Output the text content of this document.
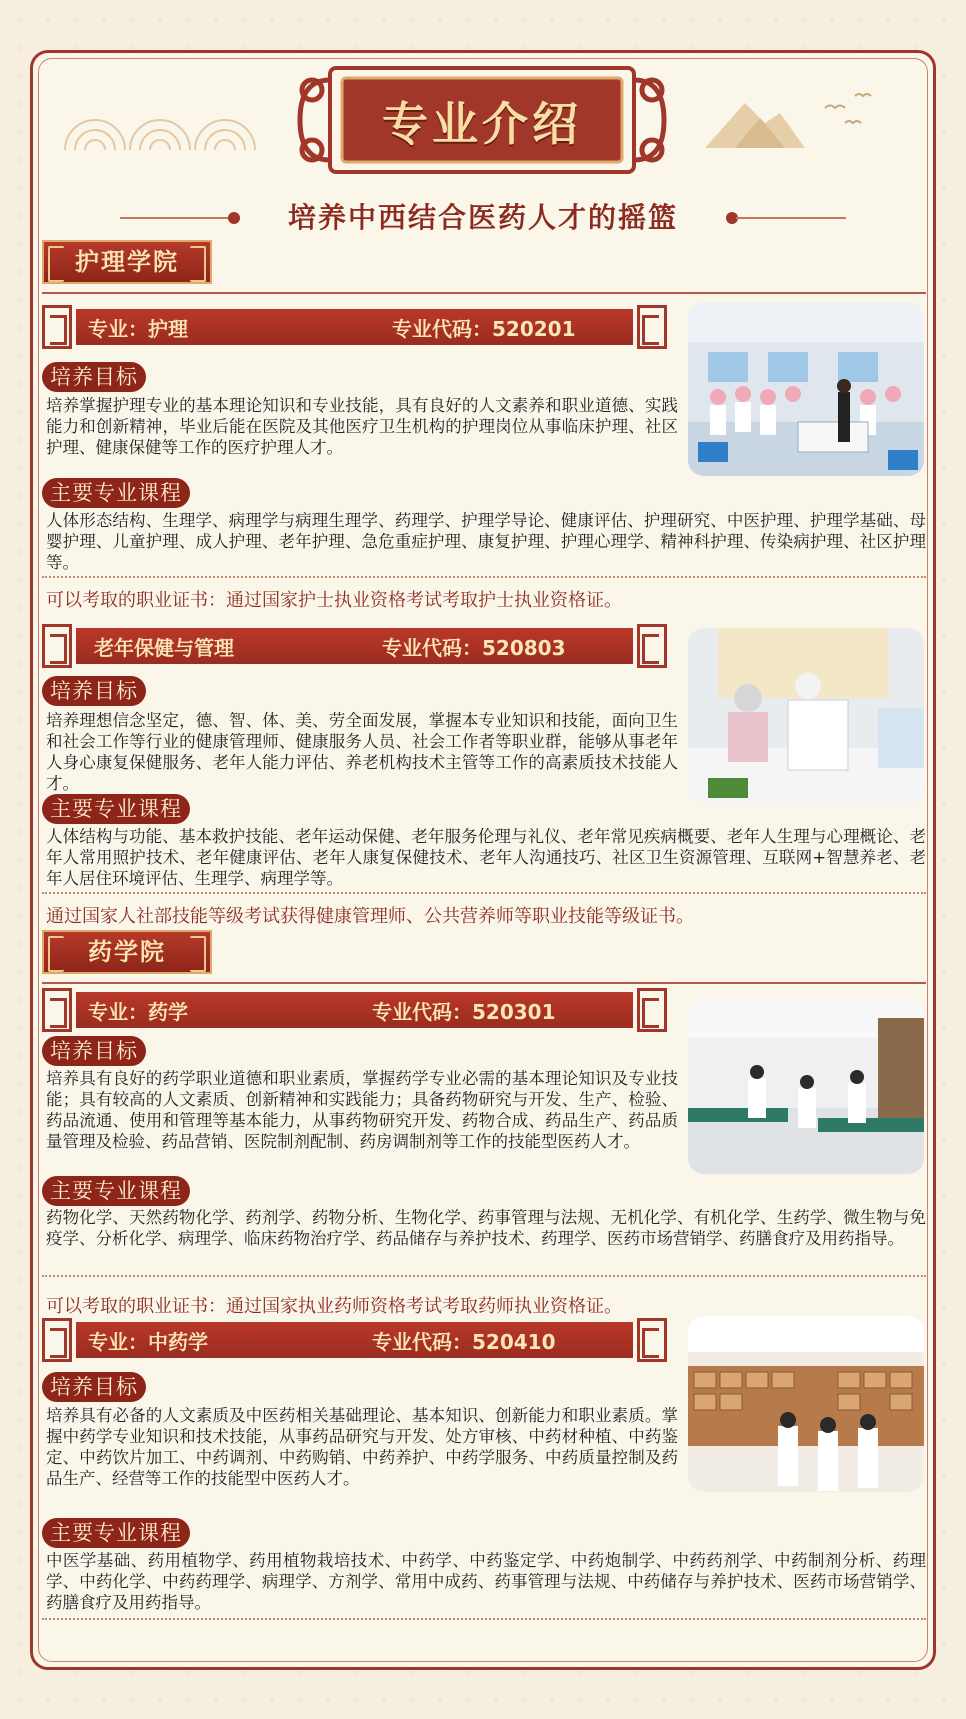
专业介绍
培养中西结合医药人才的摇篮
护理学院
专业：护理	专业代码：520201
培养目标
培养掌握护理专业的基本理论知识和专业技能，具有良好的人文素养和职业道德、实践能力和创新精神，毕业后能在医院及其他医疗卫生机构的护理岗位从事临床护理、社区护理、健康保健等工作的医疗护理人才。
主要专业课程
人体形态结构、生理学、病理学与病理生理学、药理学、护理学导论、健康评估、护理研究、中医护理、护理学基础、母婴护理、儿童护理、成人护理、老年护理、急危重症护理、康复护理、护理心理学、精神科护理、传染病护理、社区护理等。
可以考取的职业证书：通过国家护士执业资格考试考取护士执业资格证。
老年保健与管理	专业代码：520803
培养目标
培养理想信念坚定，德、智、体、美、劳全面发展，掌握本专业知识和技能，面向卫生和社会工作等行业的健康管理师、健康服务人员、社会工作者等职业群，能够从事老年人身心康复保健服务、老年人能力评估、养老机构技术主管等工作的高素质技术技能人才。
主要专业课程
人体结构与功能、基本救护技能、老年运动保健、老年服务伦理与礼仪、老年常见疾病概要、老年人生理与心理概论、老年人常用照护技术、老年健康评估、老年人康复保健技术、老年人沟通技巧、社区卫生资源管理、互联网+智慧养老、老年人居住环境评估、生理学、病理学等。
通过国家人社部技能等级考试获得健康管理师、公共营养师等职业技能等级证书。
药学院
专业：药学	专业代码：520301
培养目标
培养具有良好的药学职业道德和职业素质，掌握药学专业必需的基本理论知识及专业技能；具有较高的人文素质、创新精神和实践能力；具备药物研究与开发、生产、检验、药品流通、使用和管理等基本能力，从事药物研究开发、药物合成、药品生产、药品质量管理及检验、药品营销、医院制剂配制、药房调制剂等工作的技能型医药人才。
主要专业课程
药物化学、天然药物化学、药剂学、药物分析、生物化学、药事管理与法规、无机化学、有机化学、生药学、微生物与免疫学、分析化学、病理学、临床药物治疗学、药品储存与养护技术、药理学、医药市场营销学、药膳食疗及用药指导。
可以考取的职业证书：通过国家执业药师资格考试考取药师执业资格证。
专业：中药学	专业代码：520410
培养目标
培养具有必备的人文素质及中医药相关基础理论、基本知识、创新能力和职业素质。掌握中药学专业知识和技术技能，从事药品研究与开发、处方审核、中药材种植、中药鉴定、中药饮片加工、中药调剂、中药购销、中药养护、中药学服务、中药质量控制及药品生产、经营等工作的技能型中医药人才。
主要专业课程
中医学基础、药用植物学、药用植物栽培技术、中药学、中药鉴定学、中药炮制学、中药药剂学、中药制剂分析、药理学、中药化学、中药药理学、病理学、方剂学、常用中成药、药事管理与法规、中药储存与养护技术、医药市场营销学、药膳食疗及用药指导。
